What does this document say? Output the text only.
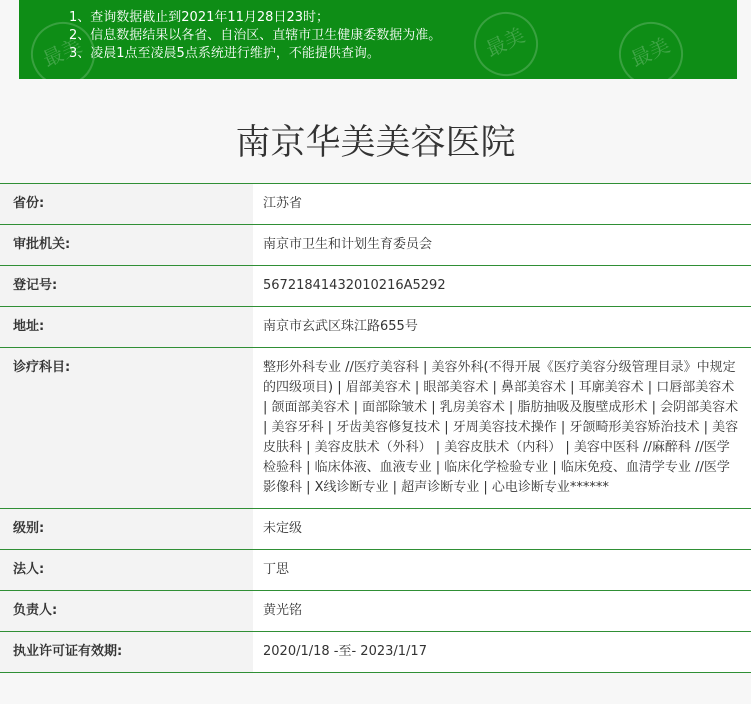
最美	最美	最美
1、查询数据截止到2021年11月28日23时；
2、信息数据结果以各省、自治区、直辖市卫生健康委数据为准。
3、凌晨1点至凌晨5点系统进行维护，不能提供查询。
南京华美美容医院
省份:	江苏省
审批机关:	南京市卫生和计划生育委员会
登记号:	56721841432010216A5292
地址:	南京市玄武区珠江路655号
诊疗科目:	整形外科专业 //医疗美容科 | 美容外科(不得开展《医疗美容分级管理目录》中规定的四级项目) | 眉部美容术 | 眼部美容术 | 鼻部美容术 | 耳廓美容术 | 口唇部美容术 | 颌面部美容术 | 面部除皱术 | 乳房美容术 | 脂肪抽吸及腹壁成形术 | 会阴部美容术 | 美容牙科 | 牙齿美容修复技术 | 牙周美容技术操作 | 牙颌畸形美容矫治技术 | 美容皮肤科 | 美容皮肤术（外科） | 美容皮肤术（内科） | 美容中医科 //麻醉科 //医学检验科 | 临床体液、血液专业 | 临床化学检验专业 | 临床免疫、血清学专业 //医学影像科 | X线诊断专业 | 超声诊断专业 | 心电诊断专业******
级别:	未定级
法人:	丁思
负责人:	黄光铭
执业许可证有效期:	2020/1/18 -至- 2023/1/17
